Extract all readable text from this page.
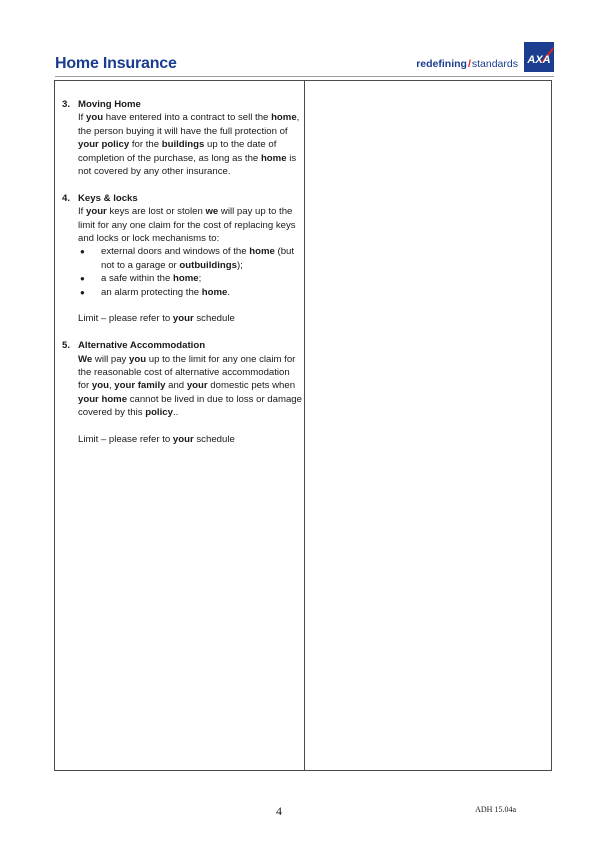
Home Insurance	redefining/standards AXA
3. Moving Home

If you have entered into a contract to sell the home, the person buying it will have the full protection of your policy for the buildings up to the date of completion of the purchase, as long as the home is not covered by any other insurance.

4. Keys & locks

If your keys are lost or stolen we will pay up to the limit for any one claim for the cost of replacing keys and locks or lock mechanisms to:

●	external doors and windows of the home (but not to a garage or outbuildings);
●	a safe within the home;
●	an alarm protecting the home.

Limit – please refer to your schedule

5. Alternative Accommodation

We will pay you up to the limit for any one claim for the reasonable cost of alternative accommodation for you, your family and your domestic pets when your home cannot be lived in due to loss or damage covered by this policy..

Limit – please refer to your schedule

4	ADH 15.04a
